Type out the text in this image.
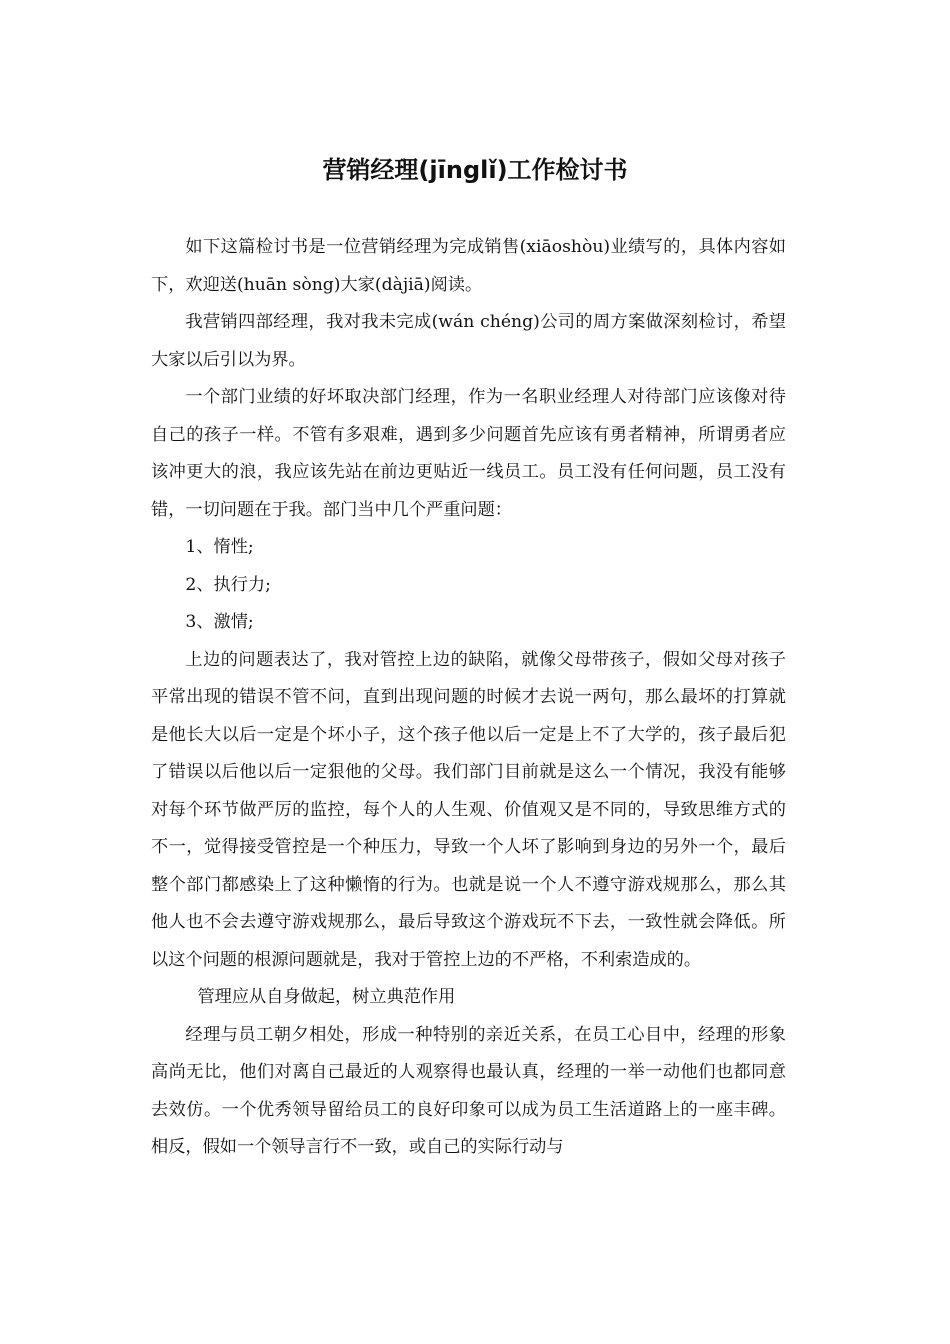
营销经理(jīnglǐ)工作检讨书

如下这篇检讨书是一位营销经理为完成销售(xiāoshòu)业绩写的，具体内容如下，欢迎送(huān sòng)大家(dàjiā)阅读。

我营销四部经理，我对我未完成(wán chéng)公司的周方案做深刻检讨，希望大家以后引以为界。

一个部门业绩的好坏取决部门经理，作为一名职业经理人对待部门应该像对待自己的孩子一样。不管有多艰难，遇到多少问题首先应该有勇者精神，所谓勇者应该冲更大的浪，我应该先站在前边更贴近一线员工。员工没有任何问题，员工没有错，一切问题在于我。部门当中几个严重问题：

1、惰性;

2、执行力;

3、激情;

上边的问题表达了，我对管控上边的缺陷，就像父母带孩子，假如父母对孩子平常出现的错误不管不问，直到出现问题的时候才去说一两句，那么最坏的打算就是他长大以后一定是个坏小子，这个孩子他以后一定是上不了大学的，孩子最后犯了错误以后他以后一定狠他的父母。我们部门目前就是这么一个情况，我没有能够对每个环节做严厉的监控，每个人的人生观、价值观又是不同的，导致思维方式的不一，觉得接受管控是一个种压力，导致一个人坏了影响到身边的另外一个，最后整个部门都感染上了这种懒惰的行为。也就是说一个人不遵守游戏规那么，那么其他人也不会去遵守游戏规那么，最后导致这个游戏玩不下去，一致性就会降低。所以这个问题的根源问题就是，我对于管控上边的不严格，不利索造成的。

管理应从自身做起，树立典范作用

经理与员工朝夕相处，形成一种特别的亲近关系，在员工心目中，经理的形象高尚无比，他们对离自己最近的人观察得也最认真，经理的一举一动他们也都同意去效仿。一个优秀领导留给员工的良好印象可以成为员工生活道路上的一座丰碑。相反，假如一个领导言行不一致，或自己的实际行动与
